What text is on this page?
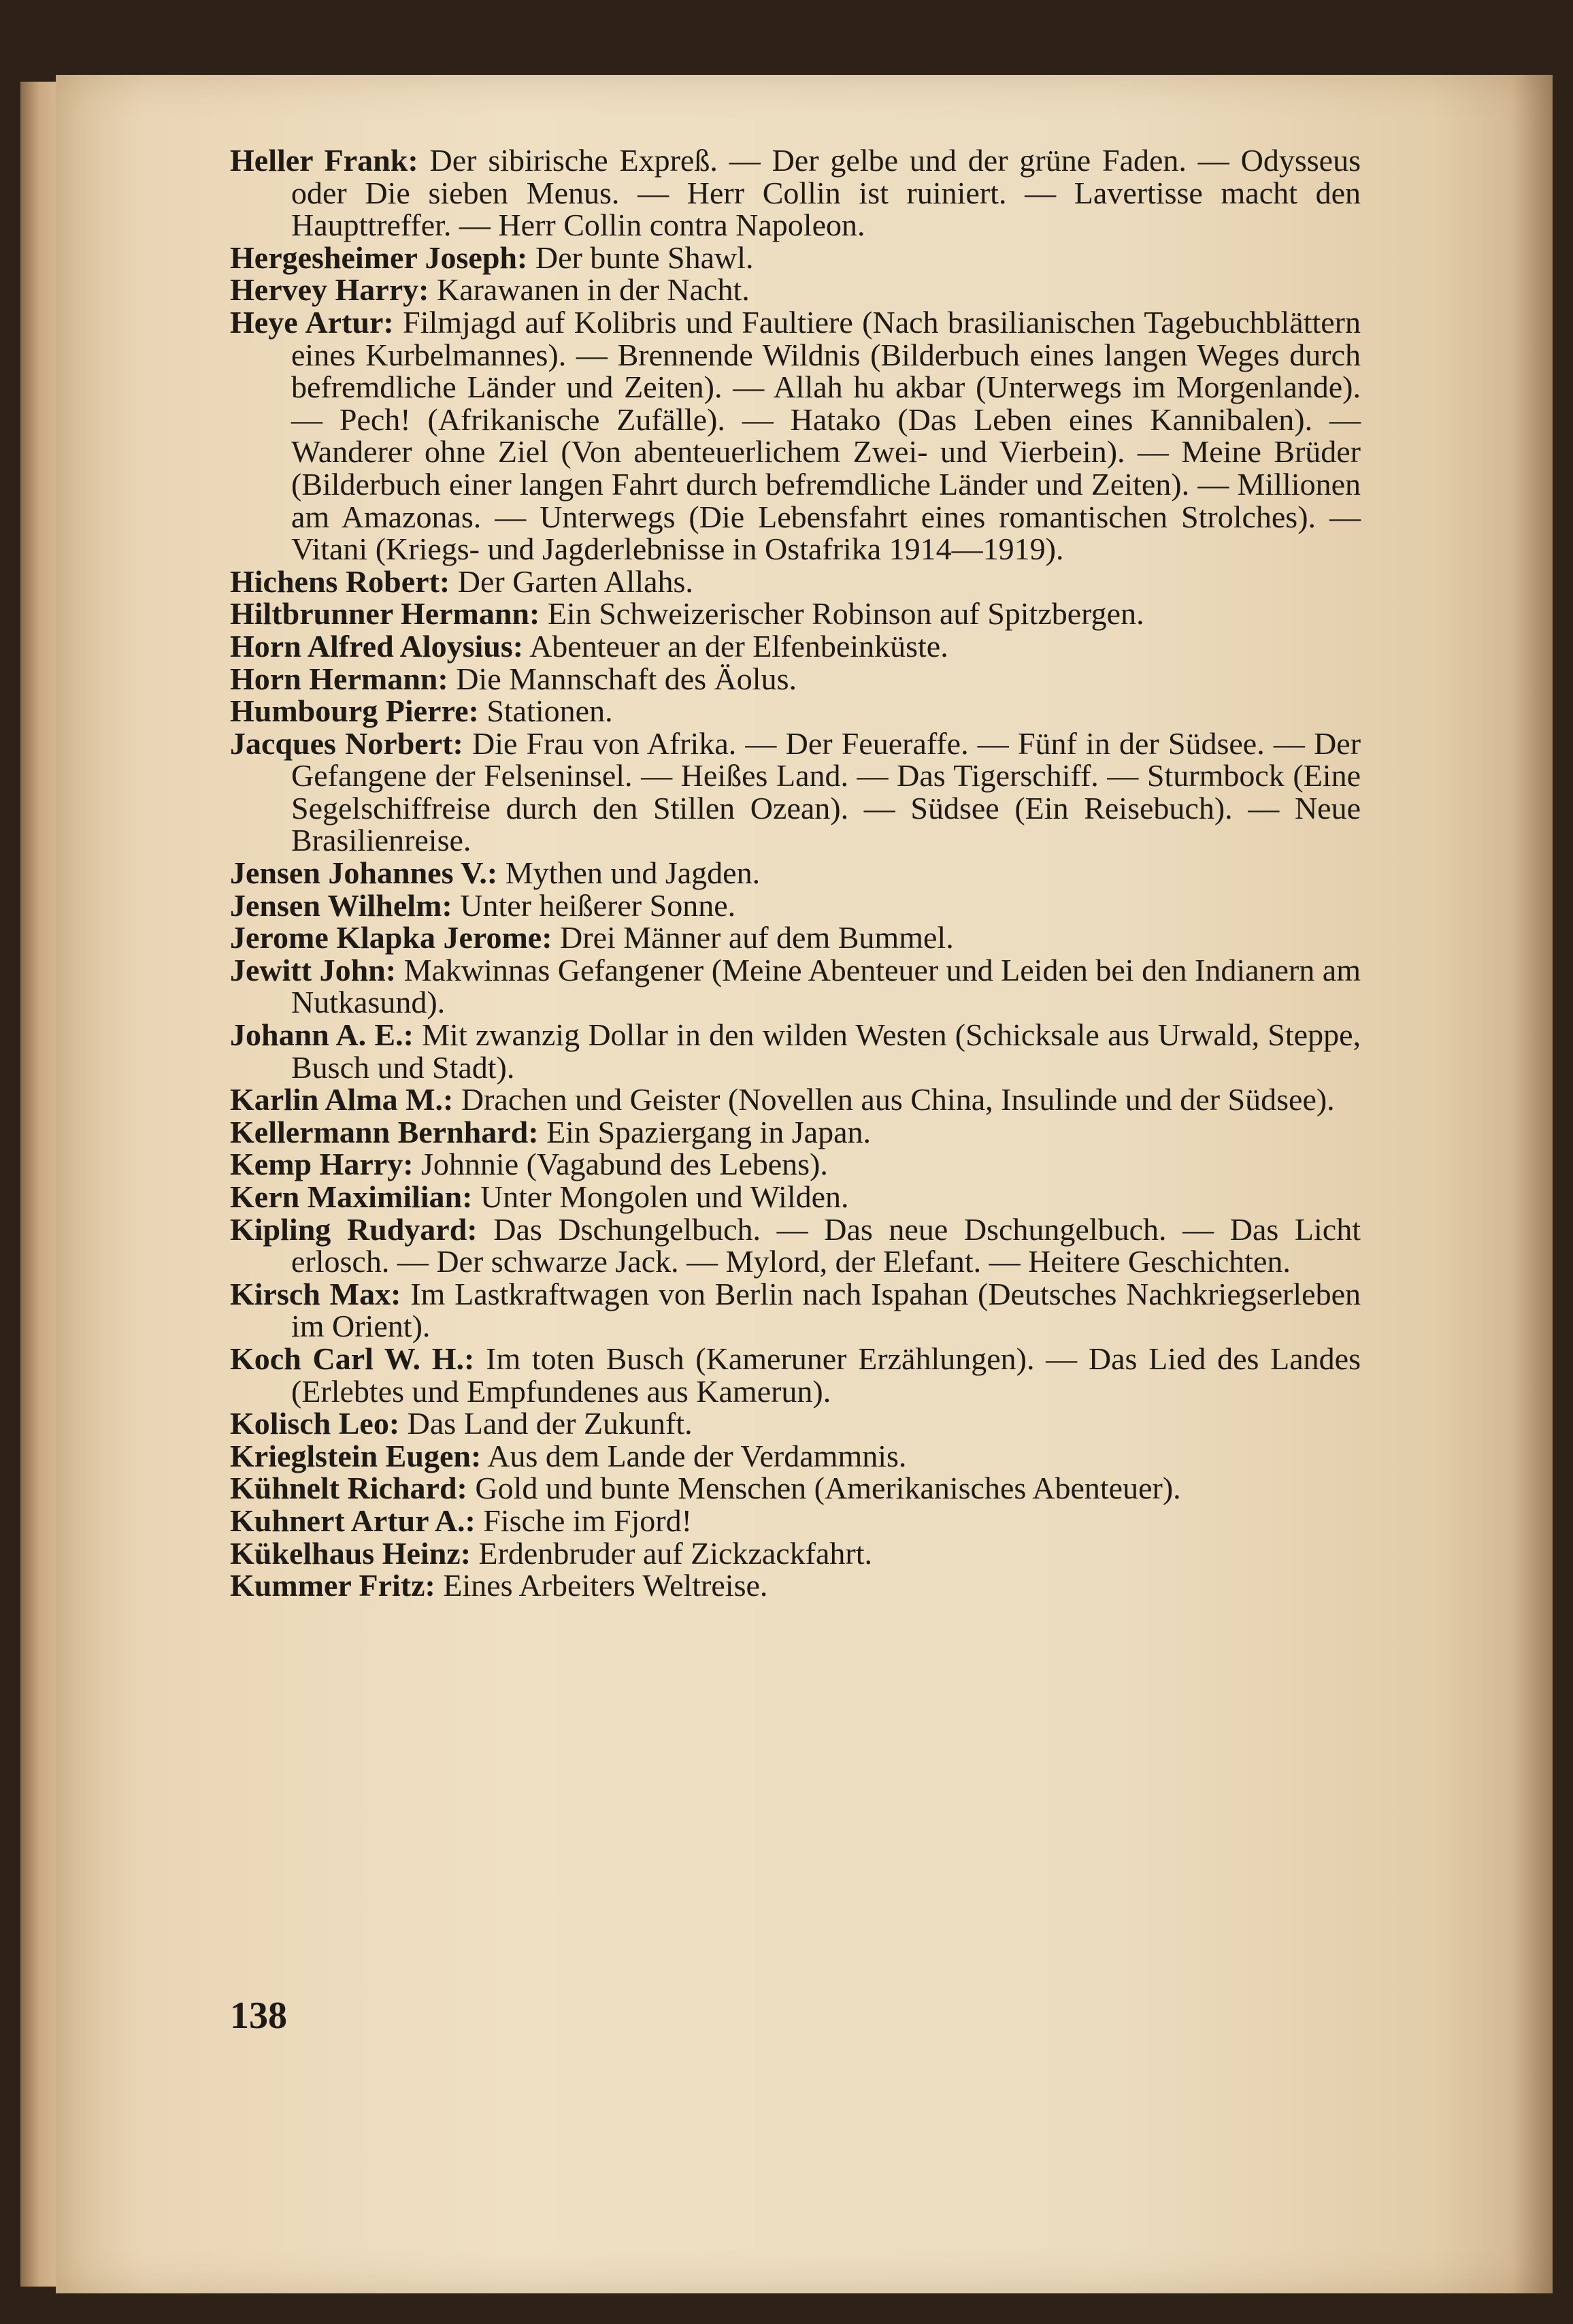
Heller Frank: Der sibirische Expreß. — Der gelbe und der grüne Faden. — Odysseus oder Die sieben Menus. — Herr Collin ist ruiniert. — Lavertisse macht den Haupttreffer. — Herr Collin contra Napoleon.
Hergesheimer Joseph: Der bunte Shawl.
Hervey Harry: Karawanen in der Nacht.
Heye Artur: Filmjagd auf Kolibris und Faultiere (Nach brasilianischen Tagebuchblättern eines Kurbelmannes). — Brennende Wildnis (Bilderbuch eines langen Weges durch befremdliche Länder und Zeiten). — Allah hu akbar (Unterwegs im Morgenlande). — Pech! (Afrikanische Zufälle). — Hatako (Das Leben eines Kannibalen). — Wanderer ohne Ziel (Von abenteuerlichem Zwei- und Vierbein). — Meine Brüder (Bilderbuch einer langen Fahrt durch befremdliche Länder und Zeiten). — Millionen am Amazonas. — Unterwegs (Die Lebensfahrt eines romantischen Strolches). — Vitani (Kriegs- und Jagderlebnisse in Ostafrika 1914—1919).
Hichens Robert: Der Garten Allahs.
Hiltbrunner Hermann: Ein Schweizerischer Robinson auf Spitzbergen.
Horn Alfred Aloysius: Abenteuer an der Elfenbeinküste.
Horn Hermann: Die Mannschaft des Äolus.
Humbourg Pierre: Stationen.
Jacques Norbert: Die Frau von Afrika. — Der Feueraffe. — Fünf in der Südsee. — Der Gefangene der Felseninsel. — Heißes Land. — Das Tigerschiff. — Sturmbock (Eine Segelschiffreise durch den Stillen Ozean). — Südsee (Ein Reisebuch). — Neue Brasilienreise.
Jensen Johannes V.: Mythen und Jagden.
Jensen Wilhelm: Unter heißerer Sonne.
Jerome Klapka Jerome: Drei Männer auf dem Bummel.
Jewitt John: Makwinnas Gefangener (Meine Abenteuer und Leiden bei den Indianern am Nutkasund).
Johann A. E.: Mit zwanzig Dollar in den wilden Westen (Schicksale aus Urwald, Steppe, Busch und Stadt).
Karlin Alma M.: Drachen und Geister (Novellen aus China, Insulinde und der Südsee).
Kellermann Bernhard: Ein Spaziergang in Japan.
Kemp Harry: Johnnie (Vagabund des Lebens).
Kern Maximilian: Unter Mongolen und Wilden.
Kipling Rudyard: Das Dschungelbuch. — Das neue Dschungelbuch. — Das Licht erlosch. — Der schwarze Jack. — Mylord, der Elefant. — Heitere Geschichten.
Kirsch Max: Im Lastkraftwagen von Berlin nach Ispahan (Deutsches Nachkriegserleben im Orient).
Koch Carl W. H.: Im toten Busch (Kameruner Erzählungen). — Das Lied des Landes (Erlebtes und Empfundenes aus Kamerun).
Kolisch Leo: Das Land der Zukunft.
Krieglstein Eugen: Aus dem Lande der Verdammnis.
Kühnelt Richard: Gold und bunte Menschen (Amerikanisches Abenteuer).
Kuhnert Artur A.: Fische im Fjord!
Kükelhaus Heinz: Erdenbruder auf Zickzackfahrt.
Kummer Fritz: Eines Arbeiters Weltreise.
138
